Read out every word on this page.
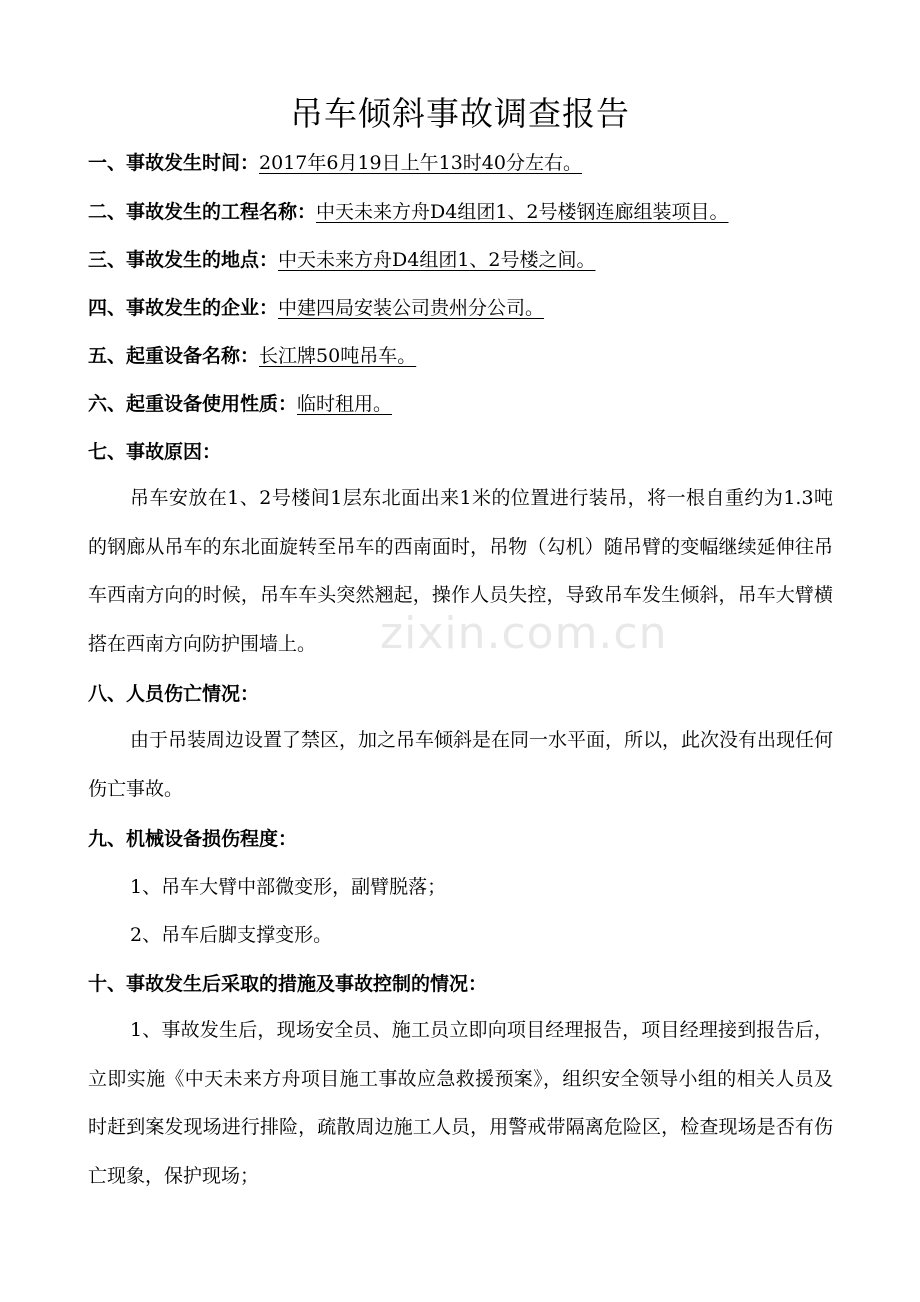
吊车倾斜事故调查报告
一、事故发生时间：2017年6月19日上午13时40分左右。
二、事故发生的工程名称：中天未来方舟D4组团1、2号楼钢连廊组装项目。
三、事故发生的地点：中天未来方舟D4组团1、2号楼之间。
四、事故发生的企业：中建四局安装公司贵州分公司。
五、起重设备名称：长江牌50吨吊车。
六、起重设备使用性质：临时租用。
七、事故原因：

吊车安放在1、2号楼间1层东北面出来1米的位置进行装吊，将一根自重约为1.3吨的钢廊从吊车的东北面旋转至吊车的西南面时，吊物（勾机）随吊臂的变幅继续延伸往吊车西南方向的时候，吊车车头突然翘起，操作人员失控，导致吊车发生倾斜，吊车大臂横搭在西南方向防护围墙上。

八、人员伤亡情况：

由于吊装周边设置了禁区，加之吊车倾斜是在同一水平面，所以，此次没有出现任何伤亡事故。

九、机械设备损伤程度：
1、吊车大臂中部微变形，副臂脱落；
2、吊车后脚支撑变形。
十、事故发生后采取的措施及事故控制的情况：

1、事故发生后，现场安全员、施工员立即向项目经理报告，项目经理接到报告后，立即实施《中天未来方舟项目施工事故应急救援预案》，组织安全领导小组的相关人员及时赶到案发现场进行排险，疏散周边施工人员，用警戒带隔离危险区，检查现场是否有伤亡现象，保护现场；

zixin.com.cn
